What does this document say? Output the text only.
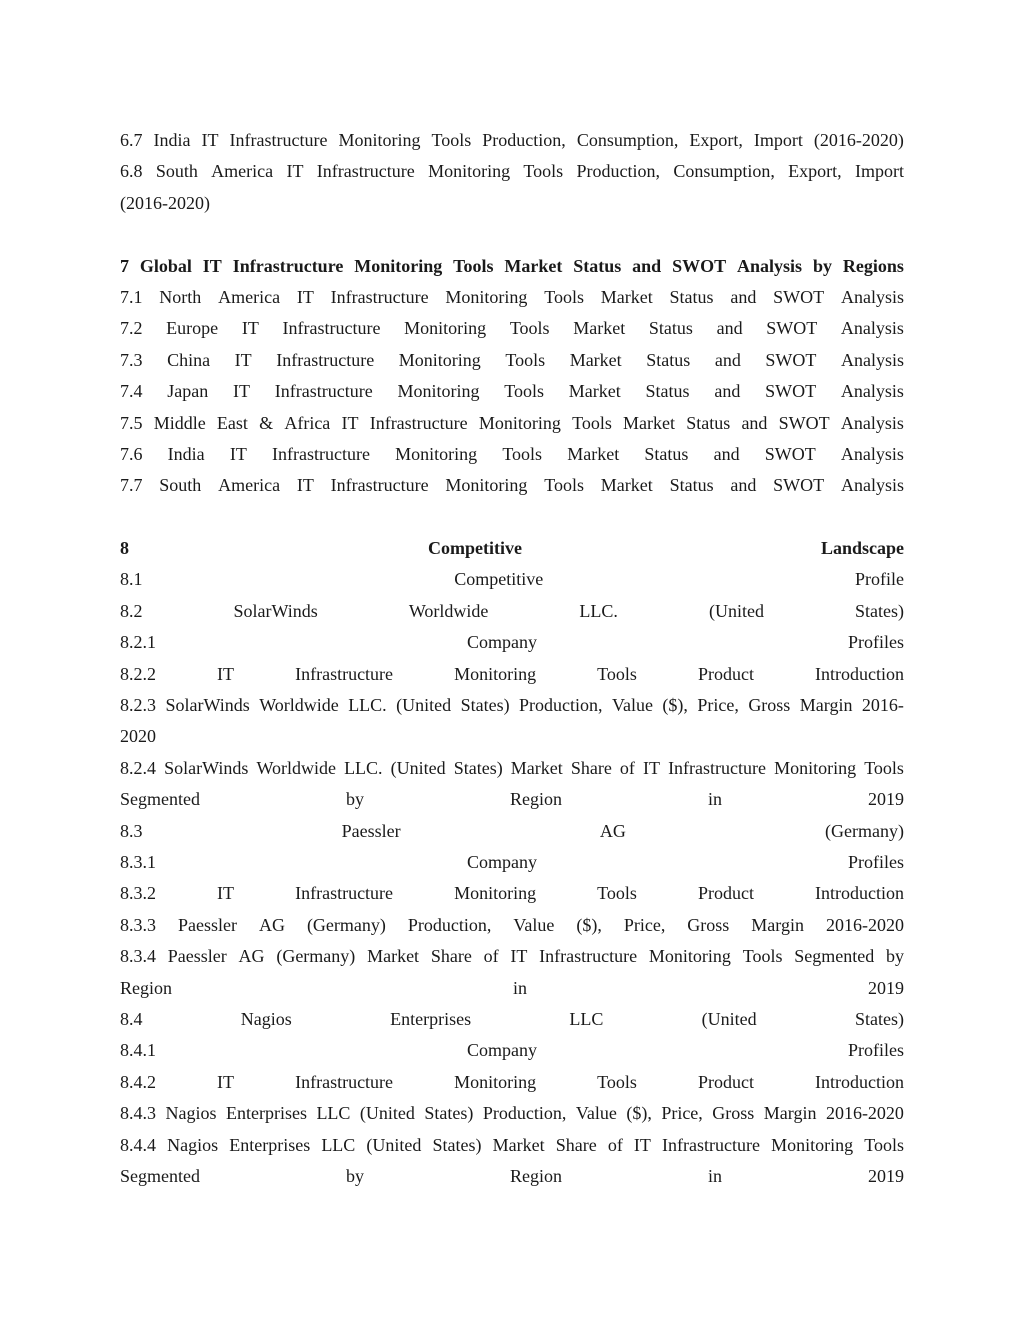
6.7 India IT Infrastructure Monitoring Tools Production, Consumption, Export, Import (2016-2020)
6.8 South America IT Infrastructure Monitoring Tools Production, Consumption, Export, Import
(2016-2020)
7 Global IT Infrastructure Monitoring Tools Market Status and SWOT Analysis by Regions
7.1 North America IT Infrastructure Monitoring Tools Market Status and SWOT Analysis
7.2 Europe IT Infrastructure Monitoring Tools Market Status and SWOT Analysis
7.3 China IT Infrastructure Monitoring Tools Market Status and SWOT Analysis
7.4 Japan IT Infrastructure Monitoring Tools Market Status and SWOT Analysis
7.5 Middle East & Africa IT Infrastructure Monitoring Tools Market Status and SWOT Analysis
7.6 India IT Infrastructure Monitoring Tools Market Status and SWOT Analysis
7.7 South America IT Infrastructure Monitoring Tools Market Status and SWOT Analysis
8	Competitive	Landscape
8.1	Competitive	Profile
8.2	SolarWinds	Worldwide	LLC.	(United	States)
8.2.1	Company	Profiles
8.2.2	IT	Infrastructure	Monitoring	Tools	Product	Introduction
8.2.3 SolarWinds Worldwide LLC. (United States) Production, Value ($), Price, Gross Margin 2016-
2020
8.2.4 SolarWinds Worldwide LLC. (United States) Market Share of IT Infrastructure Monitoring Tools
Segmented	by	Region	in	2019
8.3	Paessler	AG	(Germany)
8.3.1	Company	Profiles
8.3.2	IT	Infrastructure	Monitoring	Tools	Product	Introduction
8.3.3 Paessler AG (Germany) Production, Value ($), Price, Gross Margin 2016-2020
8.3.4 Paessler AG (Germany) Market Share of IT Infrastructure Monitoring Tools Segmented by
Region	in	2019
8.4	Nagios	Enterprises	LLC	(United	States)
8.4.1	Company	Profiles
8.4.2	IT	Infrastructure	Monitoring	Tools	Product	Introduction
8.4.3 Nagios Enterprises LLC (United States) Production, Value ($), Price, Gross Margin 2016-2020
8.4.4 Nagios Enterprises LLC (United States) Market Share of IT Infrastructure Monitoring Tools
Segmented	by	Region	in	2019
